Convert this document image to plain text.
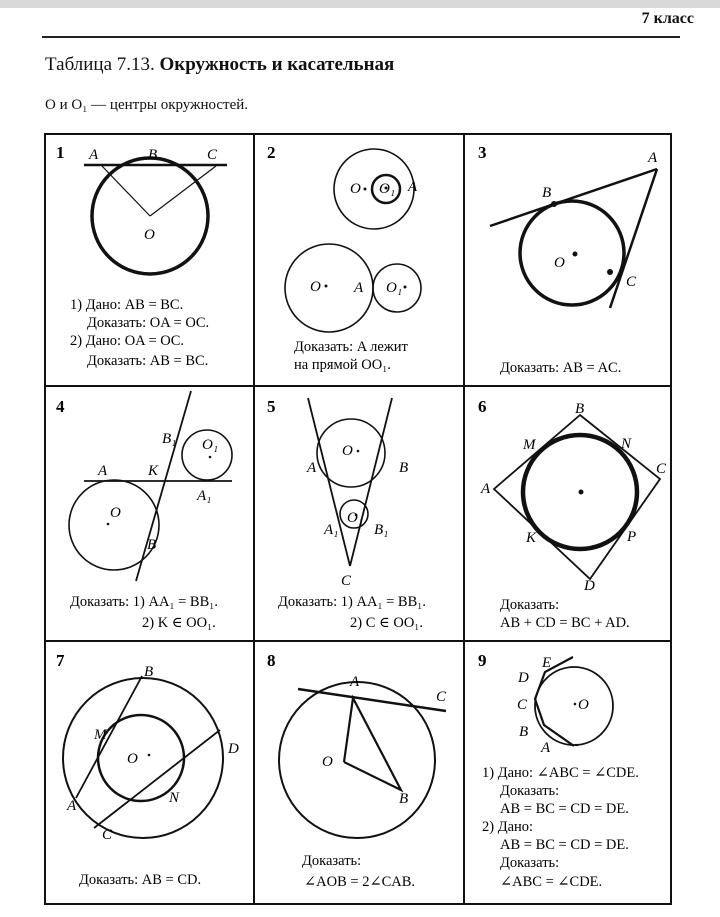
7 класс
Таблица 7.13. Окружность и касательная
O и O₁ — центры окружностей.
1 A	B	C
O
1) Дано: AB = BC.
Доказать: OA = OC.
2) Дано: OA = OC.
Доказать: AB = BC.
2
O O₁ A
O A O₁
Доказать: A лежит
на прямой OO₁.
3	A
B
O
C
Доказать: AB = AC.
4
B₁ O₁
A	K
A₁
O
B
Доказать: 1) AA₁ = BB₁.
2) K ∈ OO₁.
5
O
A	B
A₁
O₁
B₁
C
Доказать: 1) AA₁ = BB₁.
2) C ∈ OO₁.
6	B
M	N
C
A
K	P
D
Доказать:
AB + CD = BC + AD.
7
B
M
O
D
N
A
C
Доказать: AB = CD.
8
A
C
O
B
Доказать:
∠AOB = 2∠CAB.
9	E
D
C	O
B
A
1) Дано: ∠ABC = ∠CDE.
Доказать:
AB = BC = CD = DE.
2) Дано:
AB = BC = CD = DE.
Доказать:
∠ABC = ∠CDE.
